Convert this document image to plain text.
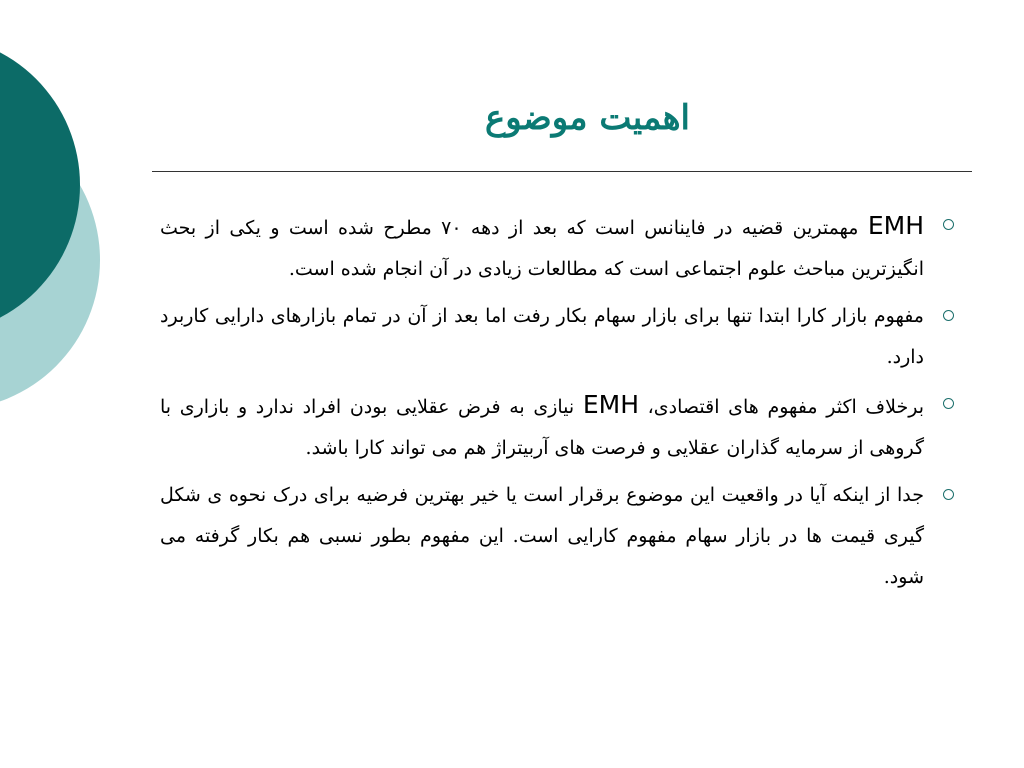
اهمیت موضوع
EMH مهمترین قضیه در فاینانس است که بعد از دهه ۷۰ مطرح شده است و یکی از بحث انگیزترین مباحث علوم اجتماعی است که مطالعات زیادی در آن انجام شده است.
مفهوم بازار کارا ابتدا تنها برای بازار سهام بکار رفت اما بعد از آن در تمام بازارهای دارایی کاربرد دارد.
برخلاف اکثر مفهوم های اقتصادی، EMH نیازی به فرض عقلایی بودن افراد ندارد و بازاری با گروهی از سرمایه گذاران عقلایی و فرصت های آربیتراژ هم می تواند کارا باشد.
جدا از اینکه آیا در واقعیت این موضوع برقرار است یا خیر بهترین فرضیه برای درک نحوه ی شکل گیری قیمت ها در بازار سهام مفهوم کارایی است. این مفهوم بطور نسبی هم بکار گرفته می شود.
